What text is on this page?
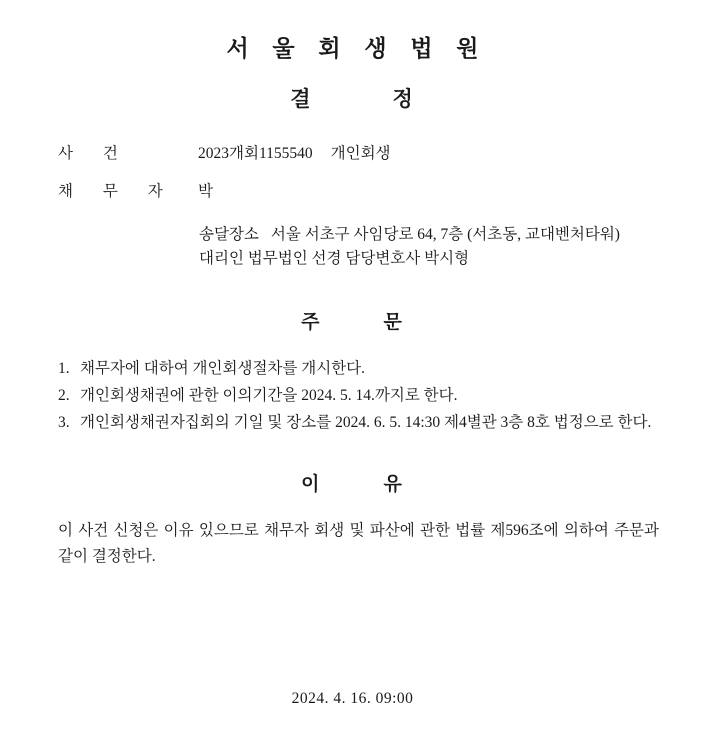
서 울 회 생 법 원
결	정
사 건	2023개회1155540 개인회생
채 무 자	박
송달장소 서울 서초구 사임당로 64, 7층 (서초동, 교대벤처타워)
대리인 법무법인 선경 담당변호사 박시형
주	문
1. 채무자에 대하여 개인회생절차를 개시한다.
2. 개인회생채권에 관한 이의기간을 2024. 5. 14.까지로 한다.
3. 개인회생채권자집회의 기일 및 장소를 2024. 6. 5. 14:30 제4별관 3층 8호 법정으로 한다.
이	유
이 사건 신청은 이유 있으므로 채무자 회생 및 파산에 관한 법률 제596조에 의하여 주문과 같이 결정한다.
2024. 4. 16. 09:00
